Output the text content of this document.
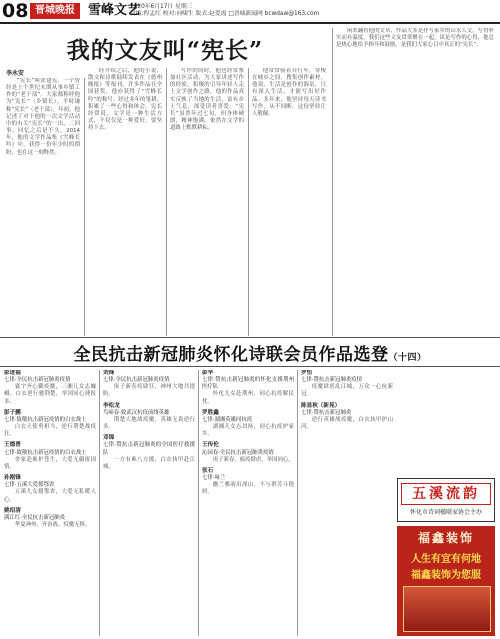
08 晋城晚报	雪峰文艺
2020年6月17日 星期三
责编:程孟红 校对:向啸生 版式:赵爱霞 □晋城新闻网 bcwdaw@163.com
我的文友叫“宪长”
李永安

“宪长”叫张建宪，一个曾经是上个世纪末期从事乡镇工作的“老干部”。大家都称呼他为“宪长”（乡镇长），平时谦称“宪长”（老干部）。年初，他记述了对于他的一次文学活动中的有关“宪长”的一出、二回事。回忆之后是不久，2014年，他的文学作品集《雪峰长吟》中，获得一份年少时的期盼，也在这一刻释然。

经介绍之后，他的小说，散文和诗歌陆续发表在《德州晚报》等报刊，许多作品在全国获奖，他亦获得了“雪峰长吟”的称号。经过多年的笔耕，积累了一些心得和体会。宪长经常说，文学是一种生活方式，不仅仅是一种爱好，要坚持下去。

写作的同时，他也经常参加社区活动，为大家讲述写作的经验，积极的引导年轻人走上文学创作之路。他的作品真实反映了当地的生活，富有乡土气息，深受读者喜爱。“宪长”虽然年过七旬，但身体硬朗，精神饱满，依然在文学的道路上默默耕耘。

他常常骑着自行车，穿梭在城乡之间，搜集创作素材。他说，生活是创作的源泉，只有深入生活，才能写出好作品。多年来，他坚持每天读书写作，从不间断，这份坚持让人敬佩。

闲来翻看他的文章，作品大多是抒写家乡的山水人文，写得朴实而有温度。我们这些文友常常聚在一起，谈论写作的心得，他总是热心地给予指导和鼓励，是我们大家心目中真正的“宪长”。

全民抗击新冠肺炎怀化诗联会员作品选登（十四）
彭进福
七律·全民抗击新冠肺炎疫情

寰宇齐心御疫魔，三湘儿女志巍峨。白衣逆行驰荆楚，举国同心捷报多。

彭子鹏
七律·致敬抗击新冠疫情的白衣战士

白衣天使勇担当，逆行荆楚战疫狂。

王德普
七律·致敬抗击新冠疫情的白衣战士

舍家赴难护苍生，大爱无疆报国情。

孙刚锋
七律·五溪大爱援鄂省

五溪儿女援鄂省，大爱无私暖人心。

姚绍清
满江红·全民抗击新冠肺炎

华夏神州，齐奋战、疫魔无惧。

刘锋
七律·全民抗击新冠肺炎疫情

庚子新春疫肆狂，神州大地共提防。

李松龙
鸟啼春·致武汉抗疫前线英雄

荆楚大地战疫魔，英雄无畏逆行多。

邓锦
七律·赞抗击新冠肺炎的全国医疗救援队

一方有难八方援，白衣执甲赴江城。

彭华
七律·赞抗击新冠肺炎的怀化支援荆州医疗队

怀化儿女赴荆州，同心抗疫解民忧。

罗胜鑫
七律·湖湘英雄同抗疫

湖湘儿女志昂扬，同心抗疫护家乡。

王传伦
沁园春·全民抗击新冠肺炎疫情

庚子新春，瘟疫肆虐，举国同心。

张石
七律·咏兰

幽兰雅韵出深山，不与群芳斗艳妍。

罗恒
七律·赞抗击新冠肺炎疫情

疫魔肆虐乱江城，万众一心抗新冠。

陈显秋（新晃）
七律·赞抗击新冠肺炎

逆行英雄战疫魔，白衣执甲护山河。

五溪流韵
怀化市诗词楹联家协会主办
福鑫装饰
人生有宜有何地
福鑫装饰为您服
